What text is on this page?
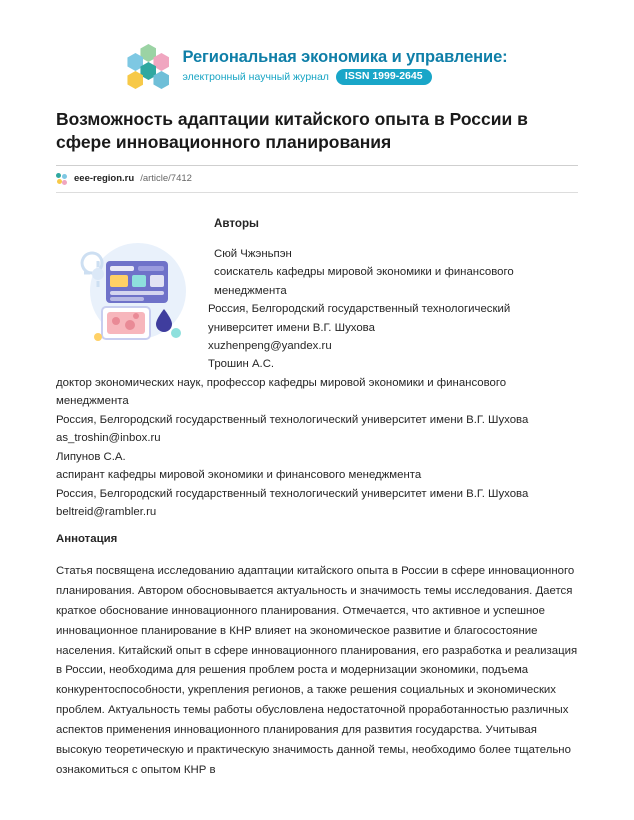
Региональная экономика и управление:
электронный научный журнал	ISSN 1999-2645
Возможность адаптации китайского опыта в России в сфере инновационного планирования
eee-region.ru /article/7412
Авторы
Сюй Чжэньпэн
соискатель кафедры мировой экономики и финансового менеджмента
Россия, Белгородский государственный технологический университет имени В.Г. Шухова
xuzhenpeng@yandex.ru
Трошин А.С.
доктор экономических наук, профессор кафедры мировой экономики и финансового менеджмента
Россия, Белгородский государственный технологический университет имени В.Г. Шухова
as_troshin@inbox.ru
Липунов С.А.
аспирант кафедры мировой экономики и финансового менеджмента
Россия, Белгородский государственный технологический университет имени В.Г. Шухова
beltreid@rambler.ru
Аннотация

Статья посвящена исследованию адаптации китайского опыта в России в сфере инновационного планирования. Автором обосновывается актуальность и значимость темы исследования. Дается краткое обоснование инновационного планирования. Отмечается, что активное и успешное инновационное планирование в КНР влияет на экономическое развитие и благосостояние населения. Китайский опыт в сфере инновационного планирования, его разработка и реализация в России, необходима для решения проблем роста и модернизации экономики, подъема конкурентоспособности, укрепления регионов, а также решения социальных и экономических проблем. Актуальность темы работы обусловлена недостаточной проработанностью различных аспектов применения инновационного планирования для развития государства. Учитывая высокую теоретическую и практическую значимость данной темы, необходимо более тщательно ознакомиться с опытом КНР в
